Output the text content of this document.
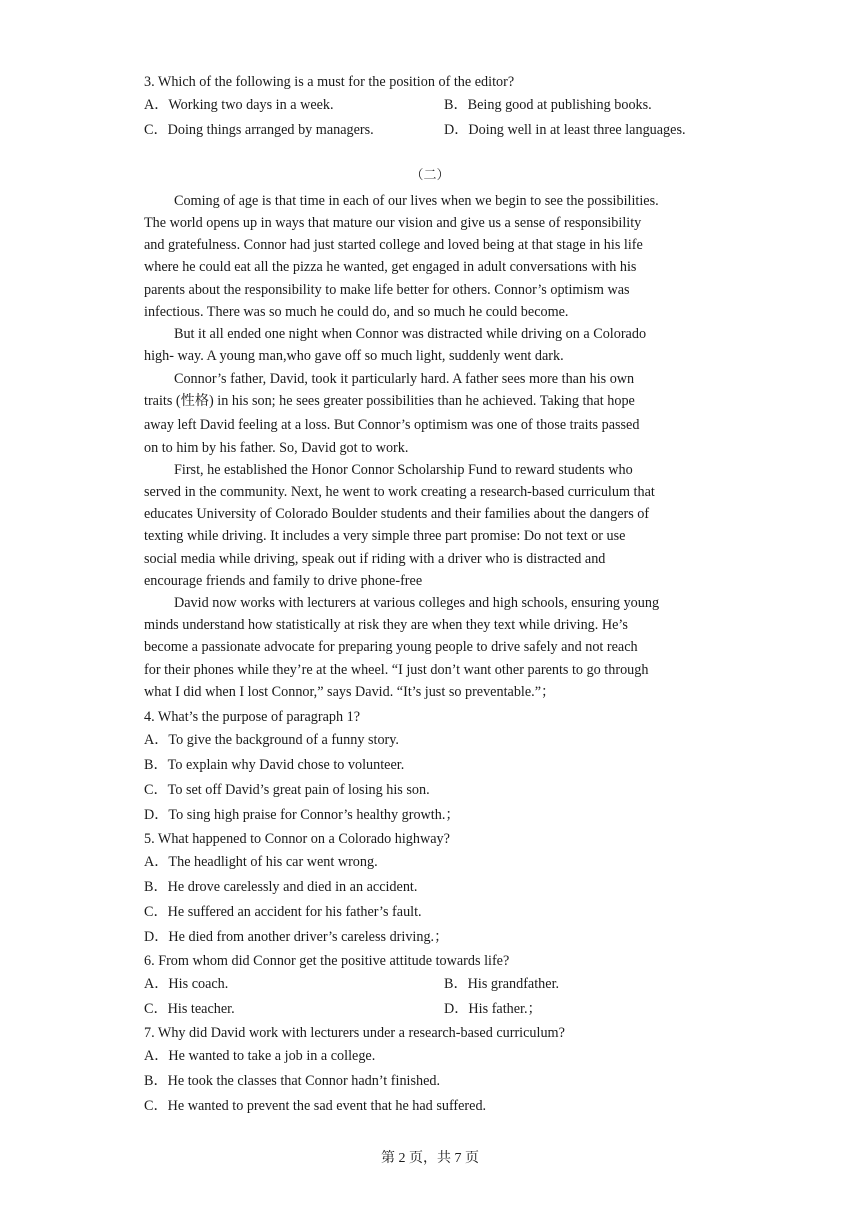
3. Which of the following is a must for the position of the editor?
A．Working two days in a week.	B．Being good at publishing books.
C．Doing things arranged by managers.	D．Doing well in at least three languages.
（二）
Coming of age is that time in each of our lives when we begin to see the possibilities.
The world opens up in ways that mature our vision and give us a sense of responsibility
and gratefulness. Connor had just started college and loved being at that stage in his life
where he could eat all the pizza he wanted, get engaged in adult conversations with his
parents about the responsibility to make life better for others. Connor’s optimism was
infectious. There was so much he could do, and so much he could become.
But it all ended one night when Connor was distracted while driving on a Colorado
high- way. A young man,who gave off so much light, suddenly went dark.
Connor’s father, David, took it particularly hard. A father sees more than his own
traits (性格) in his son; he sees greater possibilities than he achieved. Taking that hope
away left David feeling at a loss. But Connor’s optimism was one of those traits passed
on to him by his father. So, David got to work.
First, he established the Honor Connor Scholarship Fund to reward students who
served in the community. Next, he went to work creating a research-based curriculum that
educates University of Colorado Boulder students and their families about the dangers of
texting while driving. It includes a very simple three part promise: Do not text or use
social media while driving, speak out if riding with a driver who is distracted and
encourage friends and family to drive phone-free
David now works with lecturers at various colleges and high schools, ensuring young
minds understand how statistically at risk they are when they text while driving. He’s
become a passionate advocate for preparing young people to drive safely and not reach
for their phones while they’re at the wheel. “I just don’t want other parents to go through
what I did when I lost Connor,” says David. “It’s just so preventable.”；
4. What’s the purpose of paragraph 1?
A．To give the background of a funny story.
B．To explain why David chose to volunteer.
C．To set off David’s great pain of losing his son.
D．To sing high praise for Connor’s healthy growth.；
5. What happened to Connor on a Colorado highway?
A．The headlight of his car went wrong.
B．He drove carelessly and died in an accident.
C．He suffered an accident for his father’s fault.
D．He died from another driver’s careless driving.；
6. From whom did Connor get the positive attitude towards life?
A．His coach.	B．His grandfather.
C．His teacher.	D．His father.；
7. Why did David work with lecturers under a research-based curriculum?
A．He wanted to take a job in a college.
B．He took the classes that Connor hadn’t finished.
C．He wanted to prevent the sad event that he had suffered.
第 2 页，共 7 页
